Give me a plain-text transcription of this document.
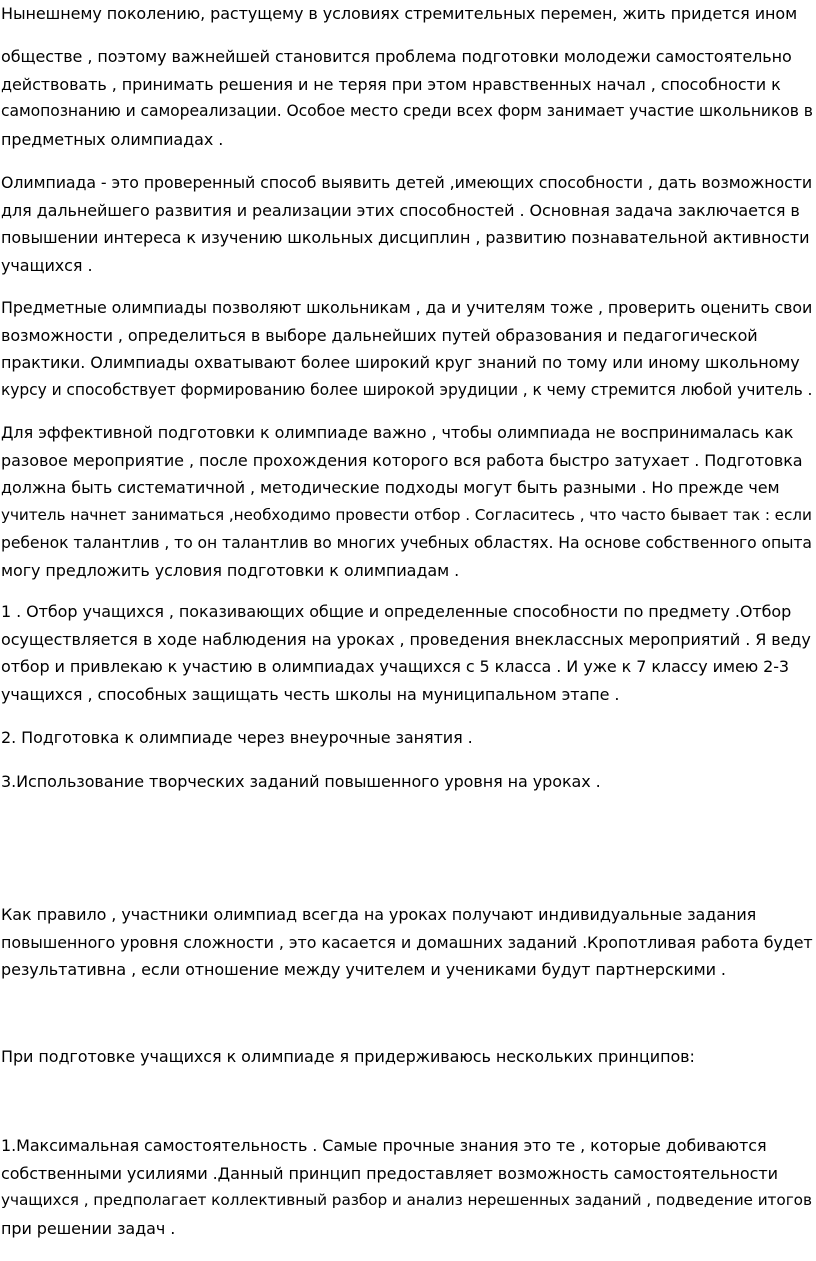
Нынешнему поколению, растущему в условиях стремительных перемен, жить придется ином
обществе , поэтому важнейшей становится проблема подготовки молодежи самостоятельно
действовать , принимать решения и не теряя при этом нравственных начал , способности к
самопознанию и самореализации. Особое место среди всех форм занимает участие школьников в
предметных олимпиадах .
Олимпиада - это проверенный способ выявить детей ,имеющих способности , дать возможности
для дальнейшего развития и реализации этих способностей . Основная задача заключается в
повышении интереса к изучению школьных дисциплин , развитию познавательной активности
учащихся .
Предметные олимпиады позволяют школьникам , да и учителям тоже , проверить оценить свои
возможности , определиться в выборе дальнейших путей образования и педагогической
практики. Олимпиады охватывают более широкий круг знаний по тому или иному школьному
курсу и способствует формированию более широкой эрудиции , к чему стремится любой учитель .
Для эффективной подготовки к олимпиаде важно , чтобы олимпиада не воспринималась как
разовое мероприятие , после прохождения которого вся работа быстро затухает . Подготовка
должна быть систематичной , методические подходы могут быть разными . Но прежде чем
учитель начнет заниматься ,необходимо провести отбор . Согласитесь , что часто бывает так : если
ребенок талантлив , то он талантлив во многих учебных областях. На основе собственного опыта
могу предложить условия подготовки к олимпиадам .
1 . Отбор учащихся , показивающих общие и определенные способности по предмету .Отбор
осуществляется в ходе наблюдения на уроках , проведения внеклассных мероприятий . Я веду
отбор и привлекаю к участию в олимпиадах учащихся с 5 класса . И уже к 7 классу имею 2-3
учащихся , способных защищать честь школы на муниципальном этапе .
2. Подготовка к олимпиаде через внеурочные занятия .
3.Использование творческих заданий повышенного уровня на уроках .
Как правило , участники олимпиад всегда на уроках получают индивидуальные задания
повышенного уровня сложности , это касается и домашних заданий .Кропотливая работа будет
результативна , если отношение между учителем и учениками будут партнерскими .
При подготовке учащихся к олимпиаде я придерживаюсь нескольких принципов:
1.Максимальная самостоятельность . Самые прочные знания это те , которые добиваются
собственными усилиями .Данный принцип предоставляет возможность самостоятельности
учащихся , предполагает коллективный разбор и анализ нерешенных заданий , подведение итогов
при решении задач .
